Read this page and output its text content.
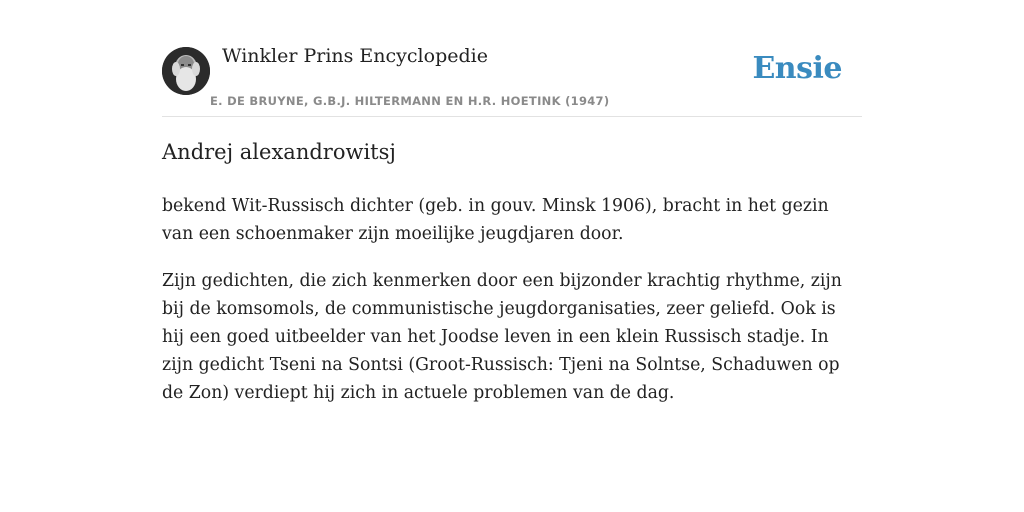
Winkler Prins Encyclopedie
E. DE BRUYNE, G.B.J. HILTERMANN EN H.R. HOETINK (1947)
Ensie
Andrej alexandrowitsj

bekend Wit-Russisch dichter (geb. in gouv. Minsk 1906), bracht in het gezin van een schoenmaker zijn moeilijke jeugdjaren door.

Zijn gedichten, die zich kenmerken door een bijzonder krachtig rhythme, zijn bij de komsomols, de communistische jeugdorganisaties, zeer geliefd. Ook is hij een goed uitbeelder van het Joodse leven in een klein Russisch stadje. In zijn gedicht Tseni na Sontsi (Groot-Russisch: Tjeni na Solntse, Schaduwen op de Zon) verdiept hij zich in actuele problemen van de dag.
